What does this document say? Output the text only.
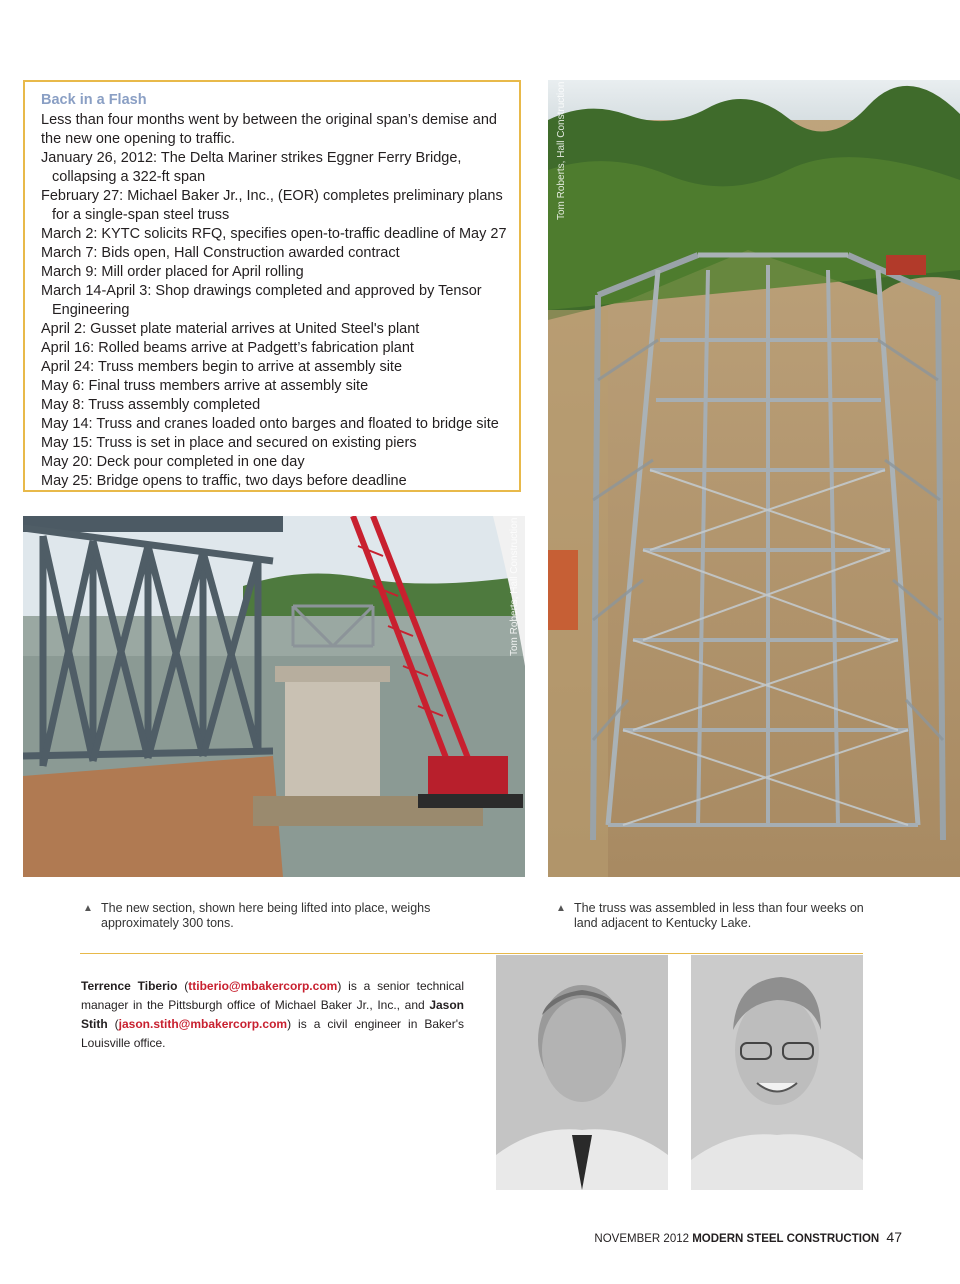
Back in a Flash

Less than four months went by between the original span’s demise and the new one opening to traffic.

January 26, 2012: The Delta Mariner strikes Eggner Ferry Bridge, collapsing a 322-ft span
February 27: Michael Baker Jr., Inc., (EOR) completes preliminary plans for a single-span steel truss
March 2: KYTC solicits RFQ, specifies open-to-traffic deadline of May 27
March 7: Bids open, Hall Construction awarded contract
March 9: Mill order placed for April rolling
March 14-April 3: Shop drawings completed and approved by Tensor Engineering
April 2: Gusset plate material arrives at United Steel's plant
April 16: Rolled beams arrive at Padgett’s fabrication plant
April 24: Truss members begin to arrive at assembly site
May 6: Final truss members arrive at assembly site
May 8: Truss assembly completed
May 14: Truss and cranes loaded onto barges and floated to bridge site
May 15: Truss is set in place and secured on existing piers
May 20: Deck pour completed in one day
May 25: Bridge opens to traffic, two days before deadline
Tom Roberts, Hall Construction
Tom Roberts, Hall Construction
▲ The new section, shown here being lifted into place, weighs approximately 300 tons.
▲ The truss was assembled in less than four weeks on land adjacent to Kentucky Lake.
Terrence Tiberio (ttiberio@mbakercorp.com) is a senior technical manager in the Pittsburgh office of Michael Baker Jr., Inc., and Jason Stith (jason.stith@mbakercorp.com) is a civil engineer in Baker's Louisville office.
NOVEMBER 2012 MODERN STEEL CONSTRUCTION 47
